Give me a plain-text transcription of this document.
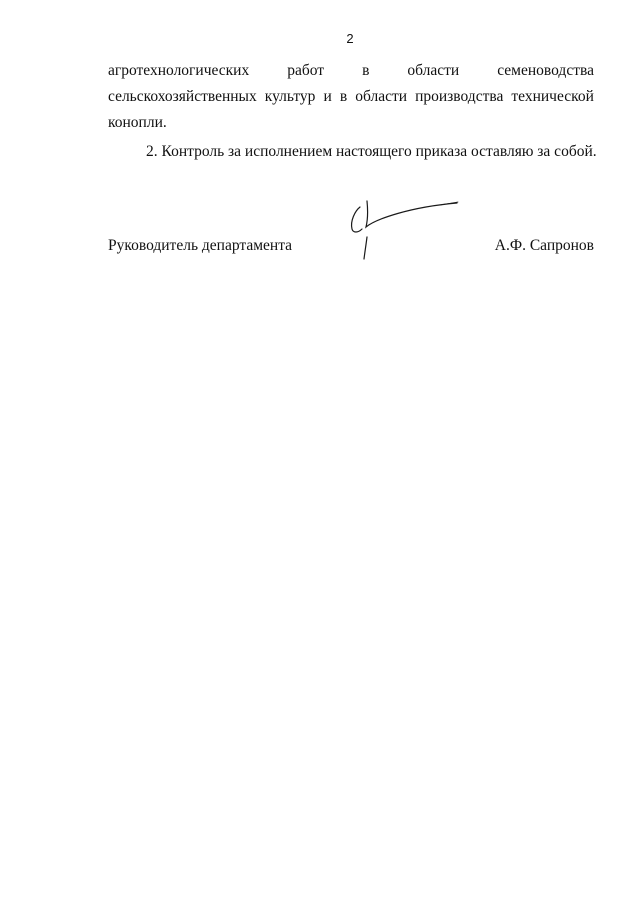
2
агротехнологических работ в области семеноводства
сельскохозяйственных культур и в области производства технической
конопли.
2. Контроль за исполнением настоящего приказа оставляю за собой.
Руководитель департамента	А.Ф. Сапронов
